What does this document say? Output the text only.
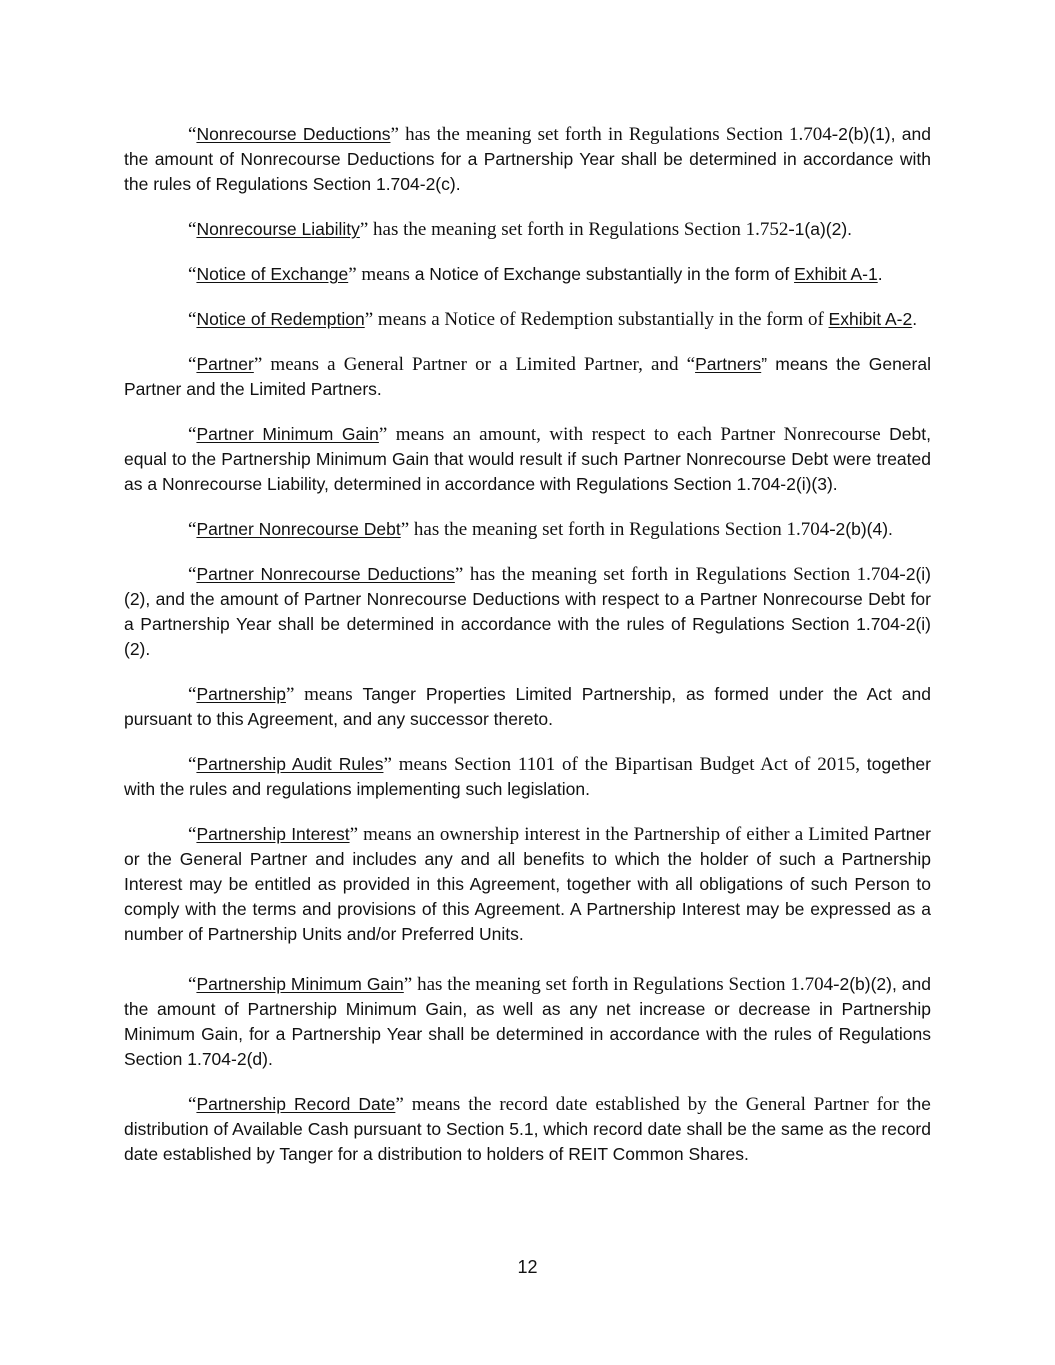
“Nonrecourse Deductions” has the meaning set forth in Regulations Section 1.704-2(b)(1), and the amount of Nonrecourse Deductions for a Partnership Year shall be determined in accordance with the rules of Regulations Section 1.704-2(c).

“Nonrecourse Liability” has the meaning set forth in Regulations Section 1.752-1(a)(2).

“Notice of Exchange” means a Notice of Exchange substantially in the form of Exhibit A-1.

“Notice of Redemption” means a Notice of Redemption substantially in the form of Exhibit A-2.

“Partner” means a General Partner or a Limited Partner, and “Partners” means the General Partner and the Limited Partners.

“Partner Minimum Gain” means an amount, with respect to each Partner Nonrecourse Debt, equal to the Partnership Minimum Gain that would result if such Partner Nonrecourse Debt were treated as a Nonrecourse Liability, determined in accordance with Regulations Section 1.704-2(i)(3).

“Partner Nonrecourse Debt” has the meaning set forth in Regulations Section 1.704-2(b)(4).

“Partner Nonrecourse Deductions” has the meaning set forth in Regulations Section 1.704-2(i)(2), and the amount of Partner Nonrecourse Deductions with respect to a Partner Nonrecourse Debt for a Partnership Year shall be determined in accordance with the rules of Regulations Section 1.704-2(i)(2).

“Partnership” means Tanger Properties Limited Partnership, as formed under the Act and pursuant to this Agreement, and any successor thereto.

“Partnership Audit Rules” means Section 1101 of the Bipartisan Budget Act of 2015, together with the rules and regulations implementing such legislation.

“Partnership Interest” means an ownership interest in the Partnership of either a Limited Partner or the General Partner and includes any and all benefits to which the holder of such a Partnership Interest may be entitled as provided in this Agreement, together with all obligations of such Person to comply with the terms and provisions of this Agreement. A Partnership Interest may be expressed as a number of Partnership Units and/or Preferred Units.

“Partnership Minimum Gain” has the meaning set forth in Regulations Section 1.704-2(b)(2), and the amount of Partnership Minimum Gain, as well as any net increase or decrease in Partnership Minimum Gain, for a Partnership Year shall be determined in accordance with the rules of Regulations Section 1.704-2(d).

“Partnership Record Date” means the record date established by the General Partner for the distribution of Available Cash pursuant to Section 5.1, which record date shall be the same as the record date established by Tanger for a distribution to holders of REIT Common Shares.

12
